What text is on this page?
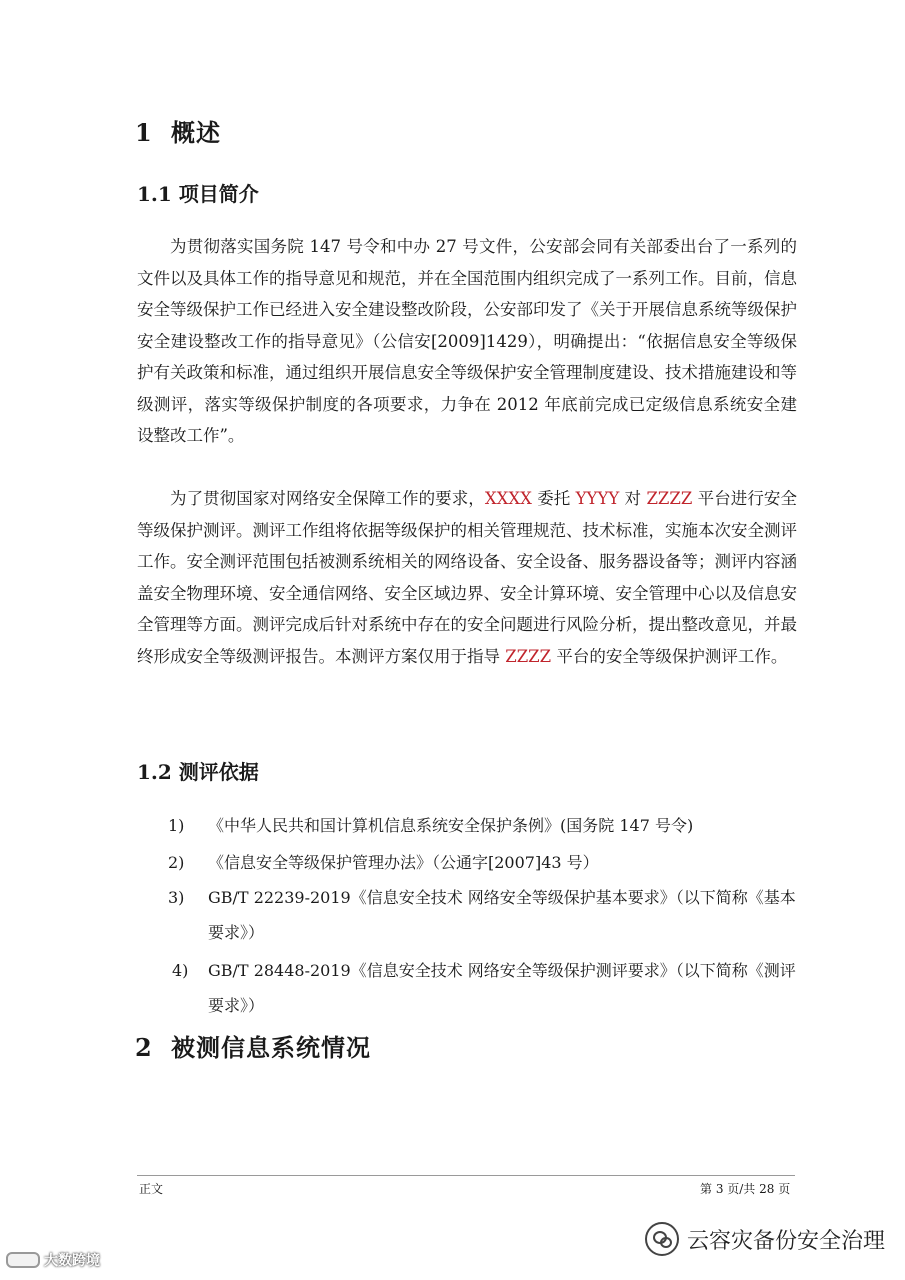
1 概述
1.1 项目简介

为贯彻落实国务院 147 号令和中办 27 号文件，公安部会同有关部委出台了一系列的文件以及具体工作的指导意见和规范，并在全国范围内组织完成了一系列工作。目前，信息安全等级保护工作已经进入安全建设整改阶段，公安部印发了《关于开展信息系统等级保护安全建设整改工作的指导意见》（公信安[2009]1429），明确提出：“依据信息安全等级保护有关政策和标准，通过组织开展信息安全等级保护安全管理制度建设、技术措施建设和等级测评，落实等级保护制度的各项要求，力争在 2012 年底前完成已定级信息系统安全建设整改工作”。

为了贯彻国家对网络安全保障工作的要求，XXXX 委托 YYYY 对 ZZZZ 平台进行安全等级保护测评。测评工作组将依据等级保护的相关管理规范、技术标准，实施本次安全测评工作。安全测评范围包括被测系统相关的网络设备、安全设备、服务器设备等；测评内容涵盖安全物理环境、安全通信网络、安全区域边界、安全计算环境、安全管理中心以及信息安全管理等方面。测评完成后针对系统中存在的安全问题进行风险分析，提出整改意见，并最终形成安全等级测评报告。本测评方案仅用于指导 ZZZZ 平台的安全等级保护测评工作。

1.2 测评依据
1) 《中华人民共和国计算机信息系统安全保护条例》(国务院 147 号令)
2) 《信息安全等级保护管理办法》（公通字[2007]43 号）
3) GB/T 22239-2019《信息安全技术 网络安全等级保护基本要求》（以下简称《基本要求》）
4) GB/T 28448-2019《信息安全技术 网络安全等级保护测评要求》（以下简称《测评要求》）
2 被测信息系统情况
正文	第 3 页/共 28 页
云容灾备份安全治理
大数跨境
